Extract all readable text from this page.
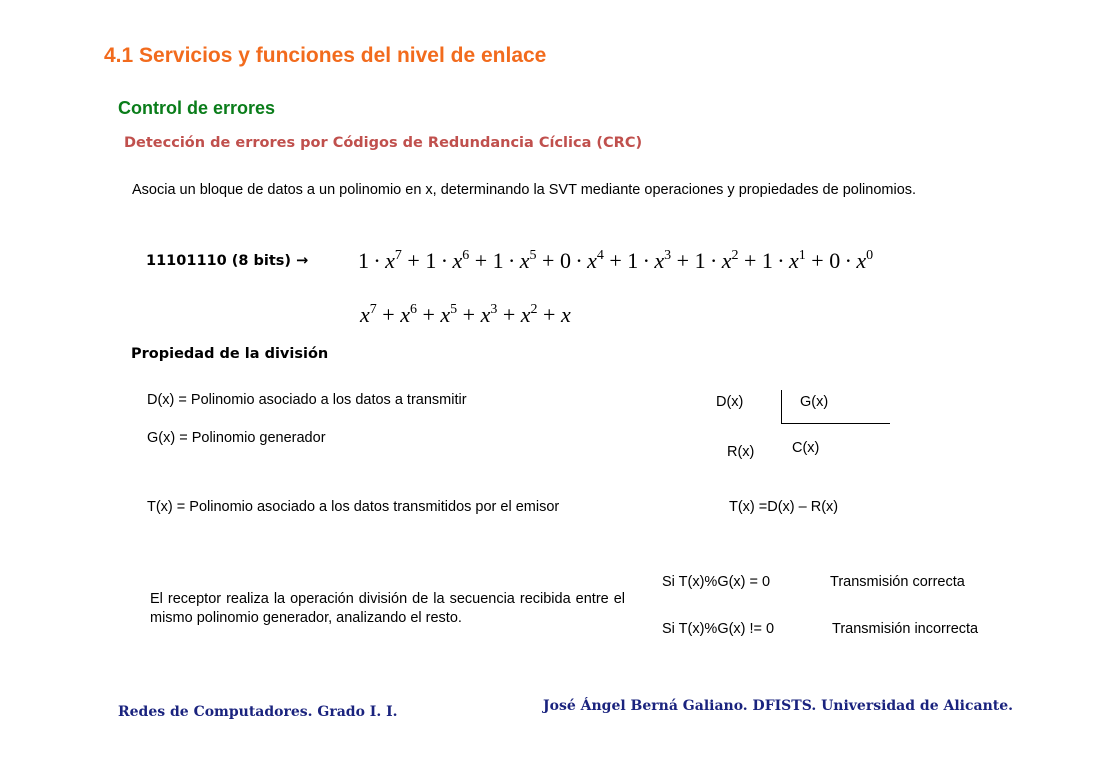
4.1 Servicios y funciones del nivel de enlace
Control de errores
Detección de errores por Códigos de Redundancia Cíclica (CRC)
Asocia un bloque de datos a un polinomio en x, determinando la SVT mediante operaciones y propiedades de polinomios.
11101110 (8 bits) → $1 \cdot x^7 + 1 \cdot x^6 + 1 \cdot x^5 + 0 \cdot x^4 + 1 \cdot x^3 + 1 \cdot x^2 + 1 \cdot x^1 + 0 \cdot x^0$
$x^7 + x^6 + x^5 + x^3 + x^2 + x$
Propiedad de la división
D(x) = Polinomio asociado a los datos a transmitir
G(x) = Polinomio generador
T(x) = Polinomio asociado a los datos transmitidos por el emisor
D(x)	G(x)
R(x)	C(x)
T(x) =D(x) – R(x)
El receptor realiza la operación división de la secuencia recibida entre el mismo polinomio generador, analizando el resto.
Si T(x)%G(x) = 0	Transmisión correcta
Si T(x)%G(x) != 0	Transmisión incorrecta
Redes de Computadores. Grado I. I.	José Ángel Berná Galiano. DFISTS. Universidad de Alicante.
